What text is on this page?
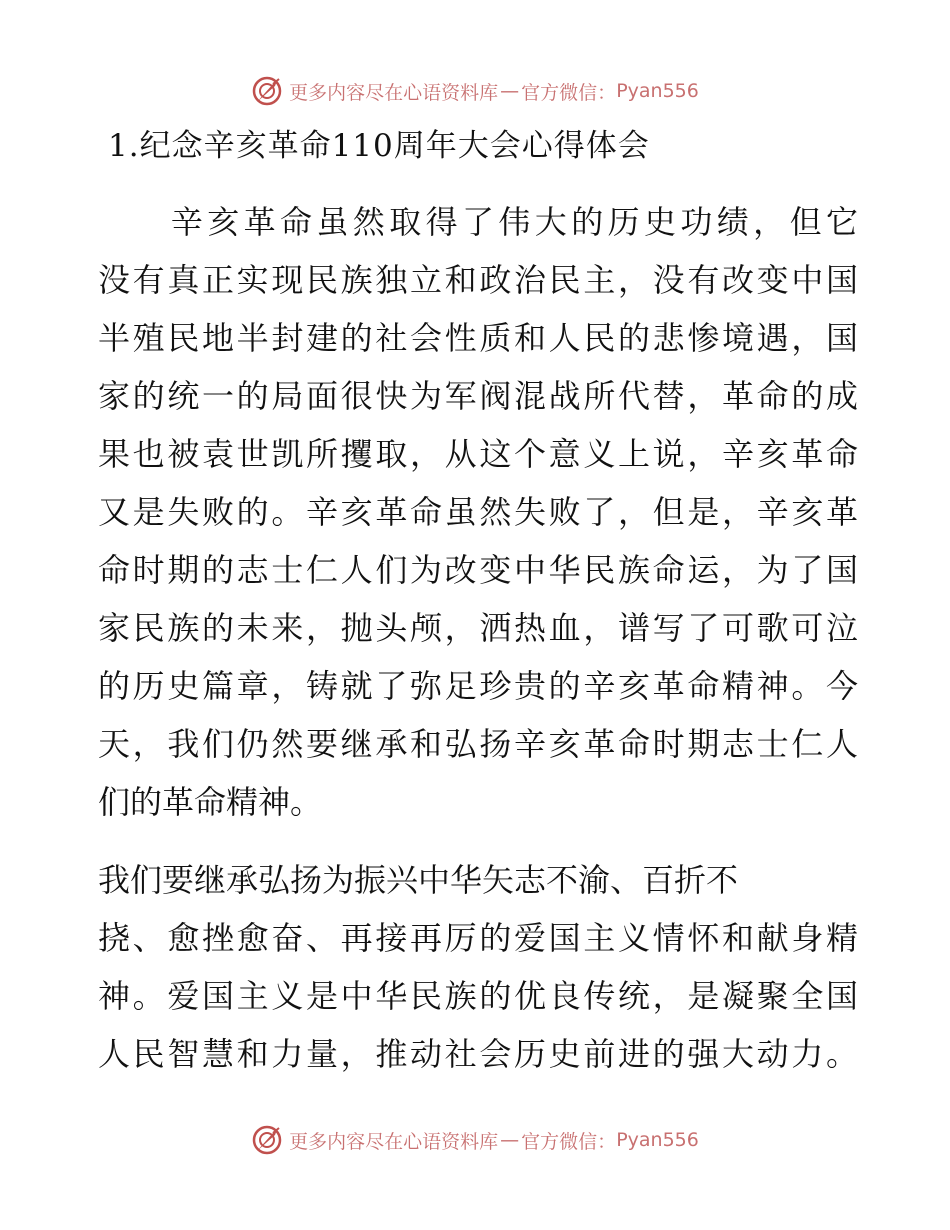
更多内容尽在心语资料库 — 官方微信： Pyan556
1.纪念辛亥革命110周年大会心得体会
　　辛亥革命虽然取得了伟大的历史功绩，但它
没有真正实现民族独立和政治民主，没有改变中国
半殖民地半封建的社会性质和人民的悲惨境遇，国
家的统一的局面很快为军阀混战所代替，革命的成
果也被袁世凯所攫取，从这个意义上说，辛亥革命
又是失败的。辛亥革命虽然失败了，但是，辛亥革
命时期的志士仁人们为改变中华民族命运，为了国
家民族的未来，抛头颅，洒热血，谱写了可歌可泣
的历史篇章，铸就了弥足珍贵的辛亥革命精神。今
天，我们仍然要继承和弘扬辛亥革命时期志士仁人
们的革命精神。
我们要继承弘扬为振兴中华矢志不渝、百折不
挠、愈挫愈奋、再接再厉的爱国主义情怀和献身精
神。爱国主义是中华民族的优良传统，是凝聚全国
人民智慧和力量，推动社会历史前进的强大动力。
更多内容尽在心语资料库 — 官方微信： Pyan556
